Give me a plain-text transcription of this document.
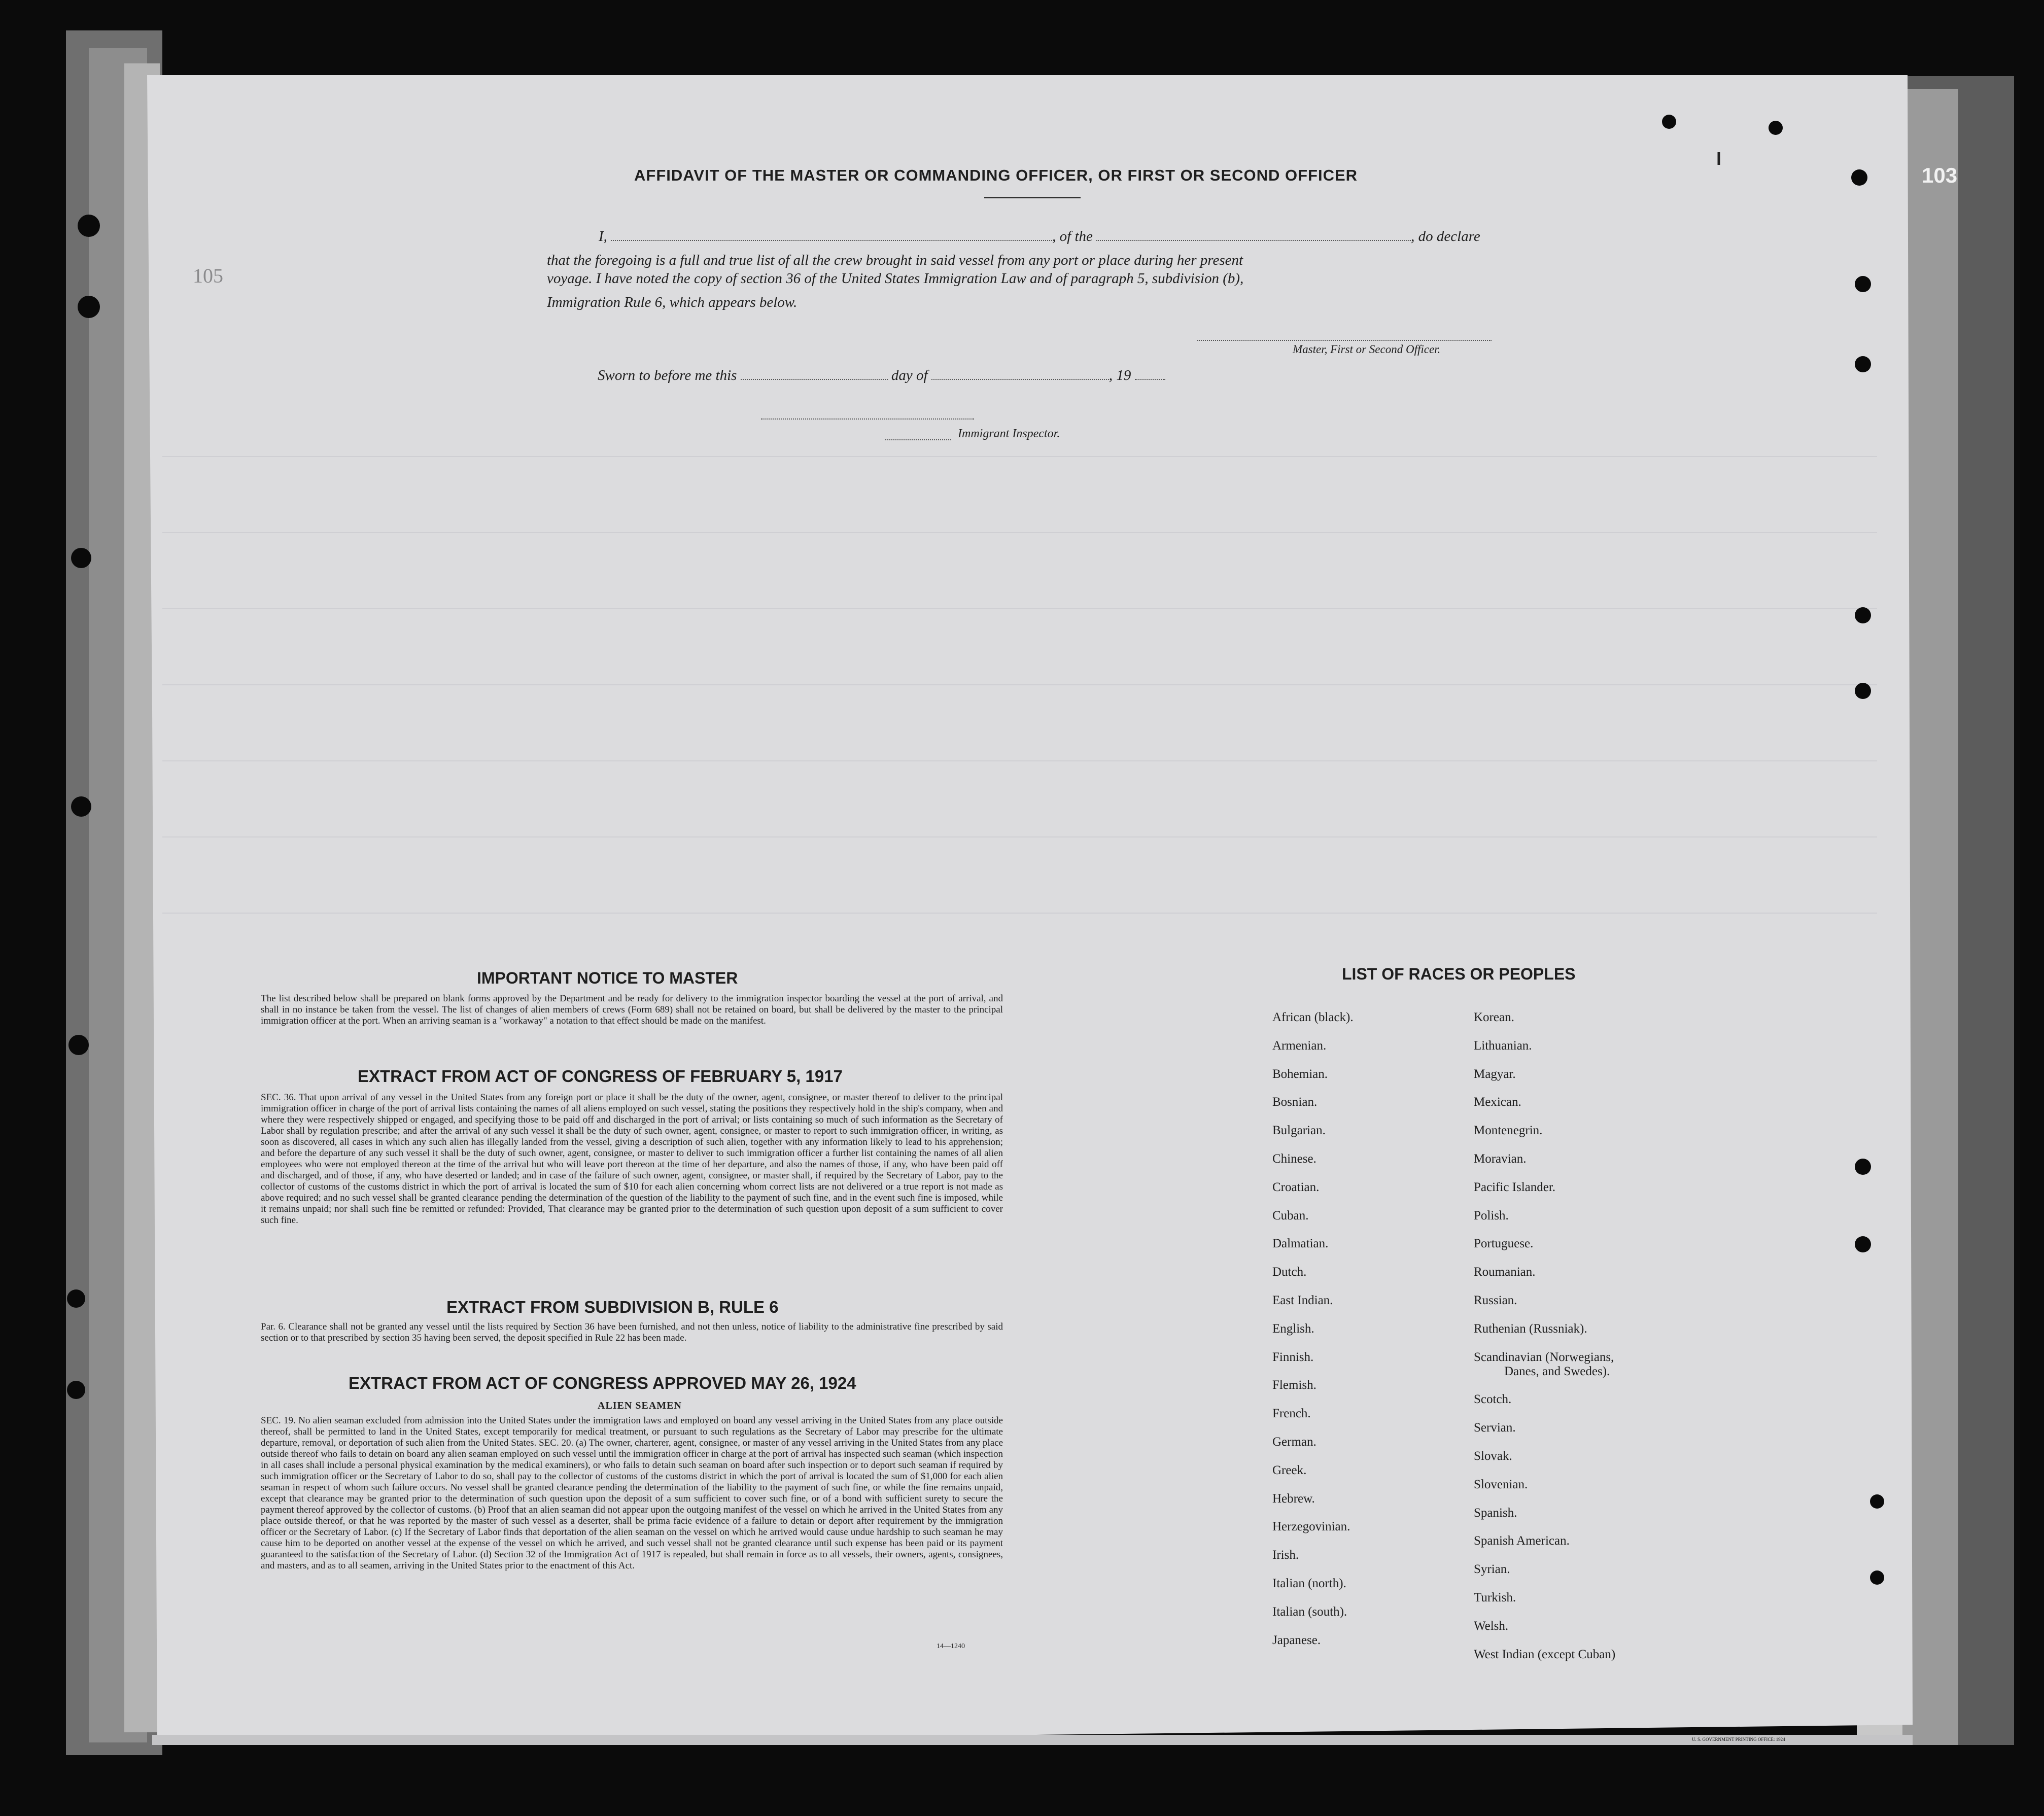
103
105
AFFIDAVIT OF THE MASTER OR COMMANDING OFFICER, OR FIRST OR SECOND OFFICER
I,	, of the	, do declare
that the foregoing is a full and true list of all the crew brought in said vessel from any port or place during her present
voyage. I have noted the copy of section 36 of the United States Immigration Law and of paragraph 5, subdivision (b),
Immigration Rule 6, which appears below.
Master, First or Second Officer.
Sworn to before me this	day of	, 19
Immigrant Inspector.
IMPORTANT NOTICE TO MASTER
The list described below shall be prepared on blank forms approved by the Department and be ready for delivery to the immigration inspector boarding the vessel at the port of arrival, and shall in no instance be taken from the vessel. The list of changes of alien members of crews (Form 689) shall not be retained on board, but shall be delivered by the master to the principal immigration officer at the port. When an arriving seaman is a "workaway" a notation to that effect should be made on the manifest.
EXTRACT FROM ACT OF CONGRESS OF FEBRUARY 5, 1917
SEC. 36. That upon arrival of any vessel in the United States from any foreign port or place it shall be the duty of the owner, agent, consignee, or master thereof to deliver to the principal immigration officer in charge of the port of arrival lists containing the names of all aliens employed on such vessel, stating the positions they respectively hold in the ship's company, when and where they were respectively shipped or engaged, and specifying those to be paid off and discharged in the port of arrival; or lists containing so much of such information as the Secretary of Labor shall by regulation prescribe; and after the arrival of any such vessel it shall be the duty of such owner, agent, consignee, or master to report to such immigration officer, in writing, as soon as discovered, all cases in which any such alien has illegally landed from the vessel, giving a description of such alien, together with any information likely to lead to his apprehension; and before the departure of any such vessel it shall be the duty of such owner, agent, consignee, or master to deliver to such immigration officer a further list containing the names of all alien employees who were not employed thereon at the time of the arrival but who will leave port thereon at the time of her departure, and also the names of those, if any, who have been paid off and discharged, and of those, if any, who have deserted or landed; and in case of the failure of such owner, agent, consignee, or master shall, if required by the Secretary of Labor, pay to the collector of customs of the customs district in which the port of arrival is located the sum of $10 for each alien concerning whom correct lists are not delivered or a true report is not made as above required; and no such vessel shall be granted clearance pending the determination of the question of the liability to the payment of such fine, and in the event such fine is imposed, while it remains unpaid; nor shall such fine be remitted or refunded: Provided, That clearance may be granted prior to the determination of such question upon deposit of a sum sufficient to cover such fine.
EXTRACT FROM SUBDIVISION B, RULE 6
Par. 6. Clearance shall not be granted any vessel until the lists required by Section 36 have been furnished, and not then unless, notice of liability to the administrative fine prescribed by said section or to that prescribed by section 35 having been served, the deposit specified in Rule 22 has been made.
EXTRACT FROM ACT OF CONGRESS APPROVED MAY 26, 1924
ALIEN SEAMEN
SEC. 19. No alien seaman excluded from admission into the United States under the immigration laws and employed on board any vessel arriving in the United States from any place outside thereof, shall be permitted to land in the United States, except temporarily for medical treatment, or pursuant to such regulations as the Secretary of Labor may prescribe for the ultimate departure, removal, or deportation of such alien from the United States. SEC. 20. (a) The owner, charterer, agent, consignee, or master of any vessel arriving in the United States from any place outside thereof who fails to detain on board any alien seaman employed on such vessel until the immigration officer in charge at the port of arrival has inspected such seaman (which inspection in all cases shall include a personal physical examination by the medical examiners), or who fails to detain such seaman on board after such inspection or to deport such seaman if required by such immigration officer or the Secretary of Labor to do so, shall pay to the collector of customs of the customs district in which the port of arrival is located the sum of $1,000 for each alien seaman in respect of whom such failure occurs. No vessel shall be granted clearance pending the determination of the liability to the payment of such fine, or while the fine remains unpaid, except that clearance may be granted prior to the determination of such question upon the deposit of a sum sufficient to cover such fine, or of a bond with sufficient surety to secure the payment thereof approved by the collector of customs. (b) Proof that an alien seaman did not appear upon the outgoing manifest of the vessel on which he arrived in the United States from any place outside thereof, or that he was reported by the master of such vessel as a deserter, shall be prima facie evidence of a failure to detain or deport after requirement by the immigration officer or the Secretary of Labor. (c) If the Secretary of Labor finds that deportation of the alien seaman on the vessel on which he arrived would cause undue hardship to such seaman he may cause him to be deported on another vessel at the expense of the vessel on which he arrived, and such vessel shall not be granted clearance until such expense has been paid or its payment guaranteed to the satisfaction of the Secretary of Labor. (d) Section 32 of the Immigration Act of 1917 is repealed, but shall remain in force as to all vessels, their owners, agents, consignees, and masters, and as to all seamen, arriving in the United States prior to the enactment of this Act.
14—1240
LIST OF RACES OR PEOPLES
African (black).
Armenian.
Bohemian.
Bosnian.
Bulgarian.
Chinese.
Croatian.
Cuban.
Dalmatian.
Dutch.
East Indian.
English.
Finnish.
Flemish.
French.
German.
Greek.
Hebrew.
Herzegovinian.
Irish.
Italian (north).
Italian (south).
Japanese.
Korean.
Lithuanian.
Magyar.
Mexican.
Montenegrin.
Moravian.
Pacific Islander.
Polish.
Portuguese.
Roumanian.
Russian.
Ruthenian (Russniak).
Scandinavian (Norwegians,
Danes, and Swedes).
Scotch.
Servian.
Slovak.
Slovenian.
Spanish.
Spanish American.
Syrian.
Turkish.
Welsh.
West Indian (except Cuban)
U. S. GOVERNMENT PRINTING OFFICE: 1924
